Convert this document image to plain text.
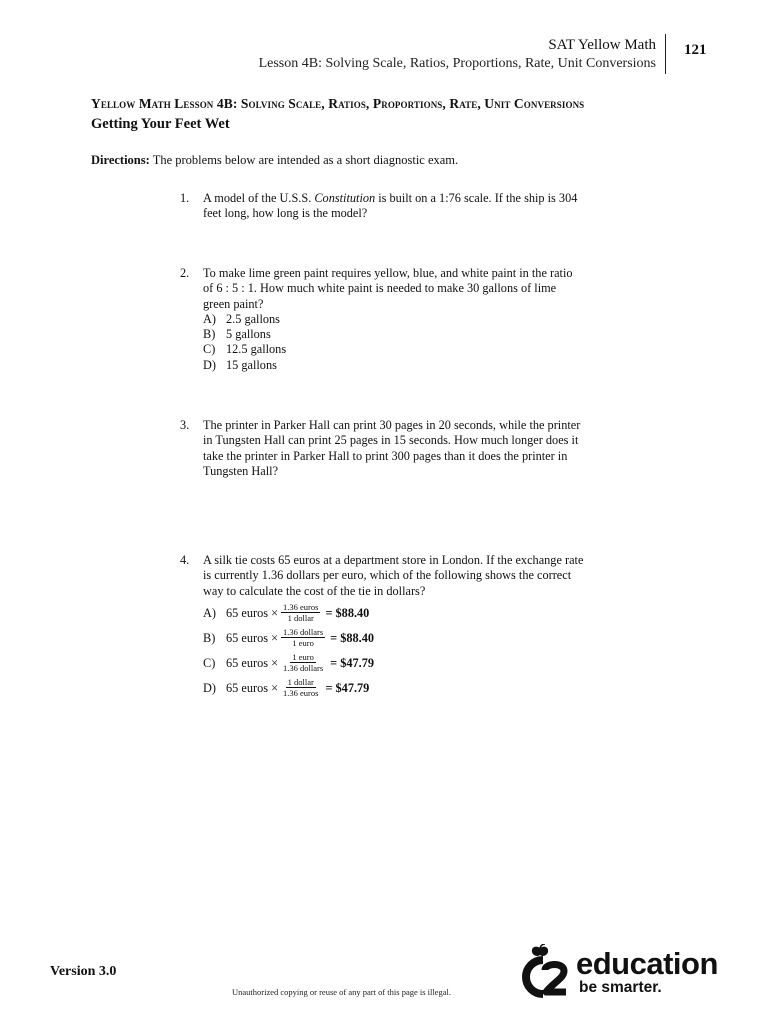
SAT Yellow Math
Lesson 4B: Solving Scale, Ratios, Proportions, Rate, Unit Conversions
121
Yellow Math Lesson 4B: Solving Scale, Ratios, Proportions, Rate, Unit Conversions
Getting Your Feet Wet
Directions: The problems below are intended as a short diagnostic exam.
1. A model of the U.S.S. Constitution is built on a 1:76 scale. If the ship is 304 feet long, how long is the model?
2. To make lime green paint requires yellow, blue, and white paint in the ratio of 6 : 5 : 1. How much white paint is needed to make 30 gallons of lime green paint?
A) 2.5 gallons
B) 5 gallons
C) 12.5 gallons
D) 15 gallons
3. The printer in Parker Hall can print 30 pages in 20 seconds, while the printer in Tungsten Hall can print 25 pages in 15 seconds. How much longer does it take the printer in Parker Hall to print 300 pages than it does the printer in Tungsten Hall?
4. A silk tie costs 65 euros at a department store in London. If the exchange rate is currently 1.36 dollars per euro, which of the following shows the correct way to calculate the cost of the tie in dollars?
A) 65 euros × $\frac{\text{1.36 euros}}{\text{1 dollar}}$ = $88.40
B) 65 euros × $\frac{\text{1.36 dollars}}{\text{1 euro}}$ = $88.40
C) 65 euros × $\frac{\text{1 euro}}{\text{1.36 dollars}}$ = $47.79
D) 65 euros × $\frac{\text{1 dollar}}{\text{1.36 euros}}$ = $47.79
Version 3.0
Unauthorized copying or reuse of any part of this page is illegal.
education
be smarter.
